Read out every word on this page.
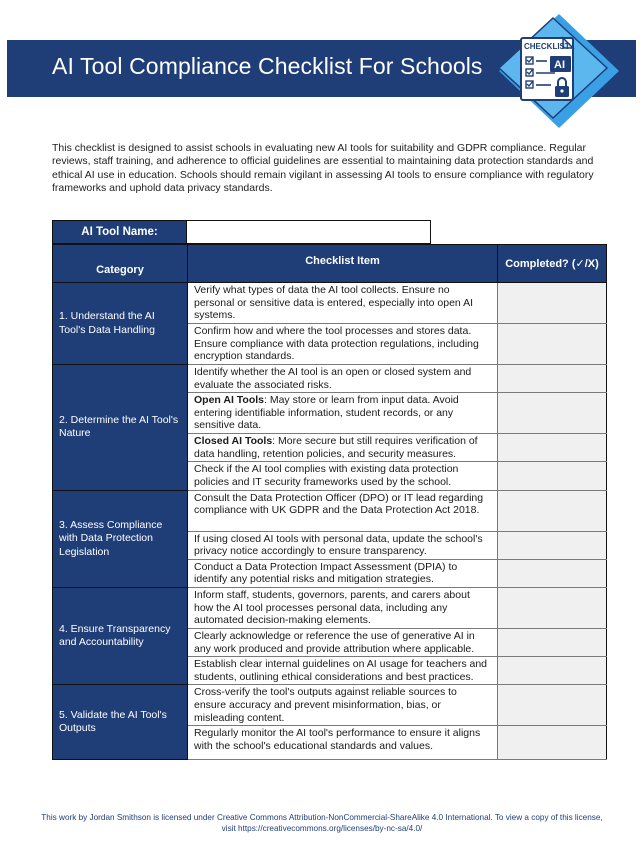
AI Tool Compliance Checklist For Schools
CHECKLIST
AI

This checklist is designed to assist schools in evaluating new AI tools for suitability and GDPR compliance. Regular reviews, staff training, and adherence to official guidelines are essential to maintaining data protection standards and ethical AI use in education. Schools should remain vigilant in assessing AI tools to ensure compliance with regulatory frameworks and uphold data privacy standards.

AI Tool Name:
Category	Checklist Item	Completed? (✓/X)
1. Understand the AI Tool's Data Handling	Verify what types of data the AI tool collects. Ensure no personal or sensitive data is entered, especially into open AI systems.	
	Confirm how and where the tool processes and stores data. Ensure compliance with data protection regulations, including encryption standards.	
2. Determine the AI Tool's Nature	Identify whether the AI tool is an open or closed system and evaluate the associated risks.	
	Open AI Tools: May store or learn from input data. Avoid entering identifiable information, student records, or any sensitive data.	
	Closed AI Tools: More secure but still requires verification of data handling, retention policies, and security measures.	
	Check if the AI tool complies with existing data protection policies and IT security frameworks used by the school.	
3. Assess Compliance with Data Protection Legislation	Consult the Data Protection Officer (DPO) or IT lead regarding compliance with UK GDPR and the Data Protection Act 2018.	
	If using closed AI tools with personal data, update the school's privacy notice accordingly to ensure transparency.	
	Conduct a Data Protection Impact Assessment (DPIA) to identify any potential risks and mitigation strategies.	
4. Ensure Transparency and Accountability	Inform staff, students, governors, parents, and carers about how the AI tool processes personal data, including any automated decision-making elements.	
	Clearly acknowledge or reference the use of generative AI in any work produced and provide attribution where applicable.	
	Establish clear internal guidelines on AI usage for teachers and students, outlining ethical considerations and best practices.	
5. Validate the AI Tool's Outputs	Cross-verify the tool's outputs against reliable sources to ensure accuracy and prevent misinformation, bias, or misleading content.	
	Regularly monitor the AI tool's performance to ensure it aligns with the school's educational standards and values.	

This work by Jordan Smithson is licensed under Creative Commons Attribution-NonCommercial-ShareAlike 4.0 International. To view a copy of this license, visit https://creativecommons.org/licenses/by-nc-sa/4.0/
